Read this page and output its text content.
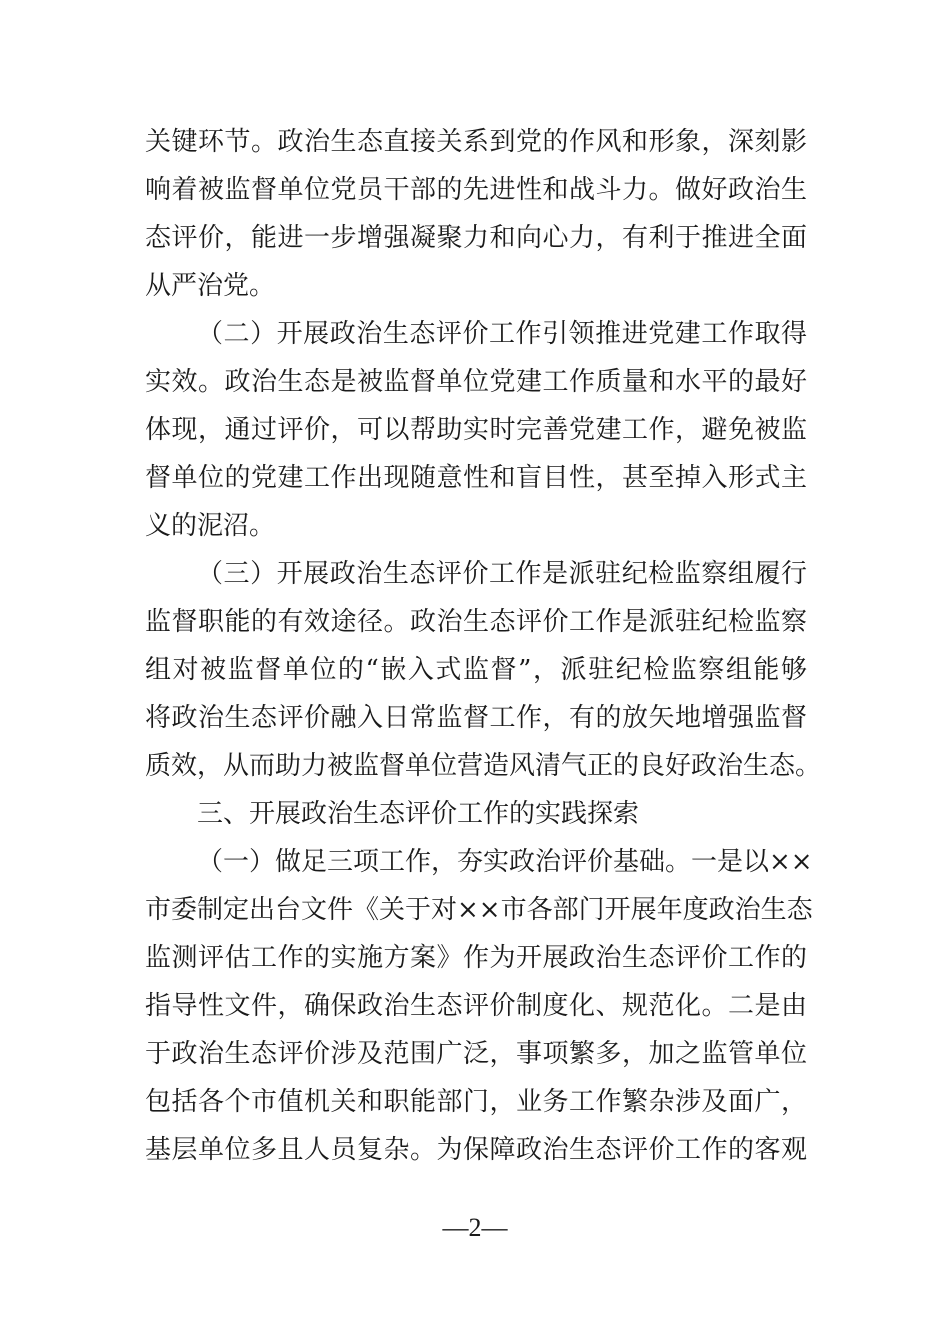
关键环节。政治生态直接关系到党的作风和形象，深刻影
响着被监督单位党员干部的先进性和战斗力。做好政治生
态评价，能进一步增强凝聚力和向心力，有利于推进全面
从严治党。
（二）开展政治生态评价工作引领推进党建工作取得
实效。政治生态是被监督单位党建工作质量和水平的最好
体现，通过评价，可以帮助实时完善党建工作，避免被监
督单位的党建工作出现随意性和盲目性，甚至掉入形式主
义的泥沼。
（三）开展政治生态评价工作是派驻纪检监察组履行
监督职能的有效途径。政治生态评价工作是派驻纪检监察
组对被监督单位的“嵌入式监督”，派驻纪检监察组能够
将政治生态评价融入日常监督工作，有的放矢地增强监督
质效，从而助力被监督单位营造风清气正的良好政治生态。
三、开展政治生态评价工作的实践探索
（一）做足三项工作，夯实政治评价基础。一是以××
市委制定出台文件《关于对××市各部门开展年度政治生态
监测评估工作的实施方案》作为开展政治生态评价工作的
指导性文件，确保政治生态评价制度化、规范化。二是由
于政治生态评价涉及范围广泛，事项繁多，加之监管单位
包括各个市值机关和职能部门，业务工作繁杂涉及面广，
基层单位多且人员复杂。为保障政治生态评价工作的客观
—2—
